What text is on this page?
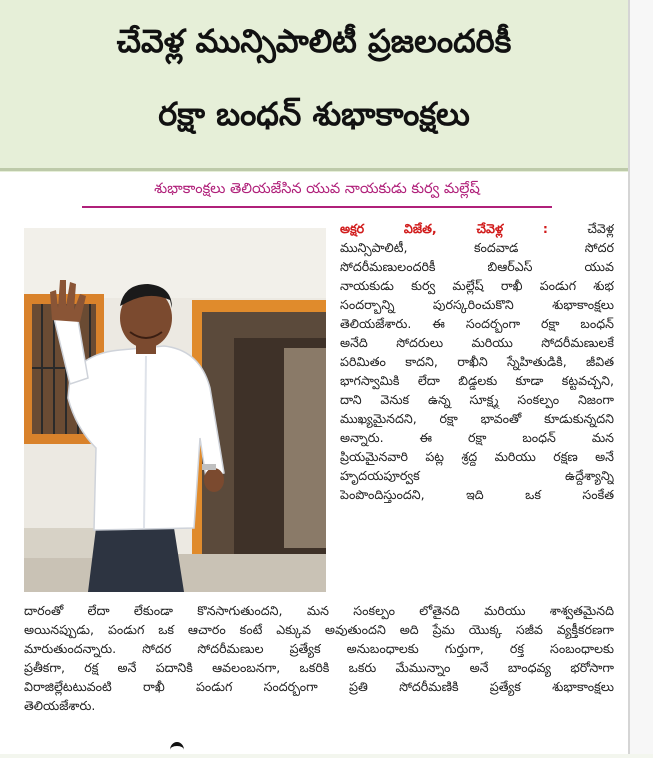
చేవెళ్ల మున్సిపాలిటీ ప్రజలందరికీ
రక్షా బంధన్ శుభాకాంక్షలు
శుభాకాంక్షలు తెలియజేసిన యువ నాయకుడు కుర్వ మల్లేష్
అక్షర విజేత, చేవెళ్ల :	చేవెళ్ల
మున్సిపాలిటీ, కందవాడ సోదర
సోదరీమణులందరికీ బిఆర్ఎస్ యువ
నాయకుడు కుర్వ మల్లేష్ రాఖీ పండుగ శుభ
సందర్భాన్ని పురస్కరించుకొని శుభాకాంక్షలు
తెలియజేశారు. ఈ సందర్భంగా రక్షా బంధన్
అనేది సోదరులు మరియు సోదరీమణులకే
పరిమితం కాదని, రాఖీని స్నేహితుడికి, జీవిత
భాగస్వామికి లేదా బిడ్డలకు కూడా కట్టవచ్చని,
దాని వెనుక ఉన్న సూక్ష్మ సంకల్పం నిజంగా
ముఖ్యమైనదని, రక్షా భావంతో కూడుకున్నదని
అన్నారు. ఈ రక్షా బంధన్ మన
ప్రియమైనవారి పట్ల శ్రద్ధ మరియు రక్షణ అనే
హృదయపూర్వక ఉద్దేశ్యాన్ని
పెంపొందిస్తుందని, ఇది ఒక సంకేత
దారంతో లేదా లేకుండా కొనసాగుతుందని, మన సంకల్పం లోతైనది మరియు శాశ్వతమైనది
అయినప్పుడు, పండుగ ఒక ఆచారం కంటే ఎక్కువ అవుతుందని అది ప్రేమ యొక్క సజీవ వ్యక్తీకరణగా
మారుతుందన్నారు. సోదర సోదరీమణుల ప్రత్యేక అనుబంధాలకు గుర్తుగా, రక్త సంబంధాలకు
ప్రతీకగా, రక్ష అనే పదానికి ఆవలంబనగా, ఒకరికి ఒకరు మేమున్నాం అనే బాంధవ్య భరోసాగా
విరాజిల్లేటటువంటి రాఖీ పండుగ సందర్భంగా ప్రతి సోదరీమణికి ప్రత్యేక శుభాకాంక్షలు
తెలియజేశారు.
